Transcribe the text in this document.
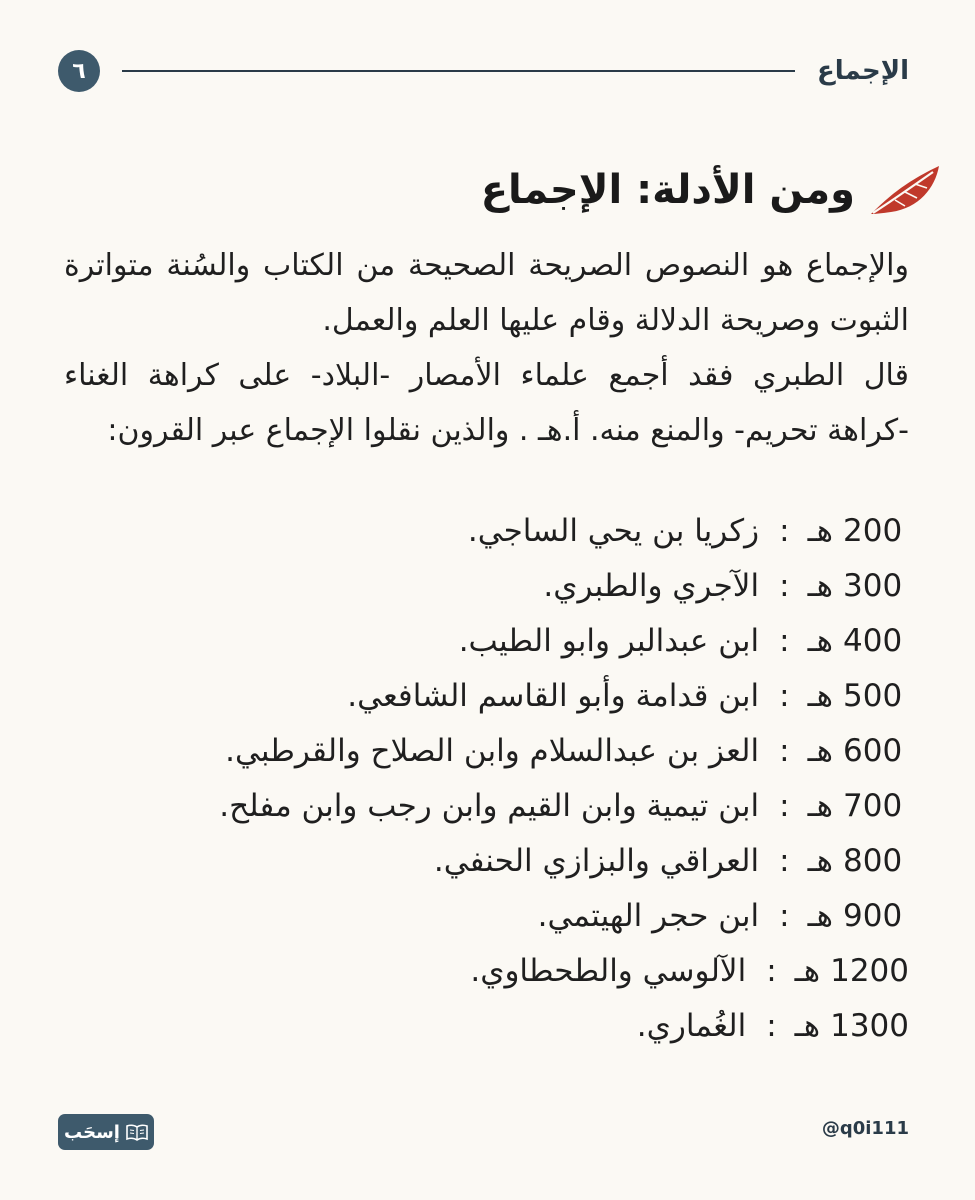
الإجماع
٦
ومن الأدلة: الإجماع

والإجماع هو النصوص الصريحة الصحيحة من الكتاب والسُنة متواترة الثبوت وصريحة الدلالة وقام عليها العلم والعمل.

قال الطبري فقد أجمع علماء الأمصار -البلاد- على كراهة الغناء -كراهة تحريم- والمنع منه. أ.هـ . والذين نقلوا الإجماع عبر القرون:

200
هـ
:
زكريا بن يحي الساجي.
300
هـ
:
الآجري والطبري.
400
هـ
:
ابن عبدالبر وابو الطيب.
500
هـ
:
ابن قدامة وأبو القاسم الشافعي.
600
هـ
:
العز بن عبدالسلام وابن الصلاح والقرطبي.
700
هـ
:
ابن تيمية وابن القيم وابن رجب وابن مفلح.
800
هـ
:
العراقي والبزازي الحنفي.
900
هـ
:
ابن حجر الهيتمي.
1200
هـ
:
الآلوسي والطحطاوي.
1300
هـ
:
الغُماري.
إسحَب	@q0i111
